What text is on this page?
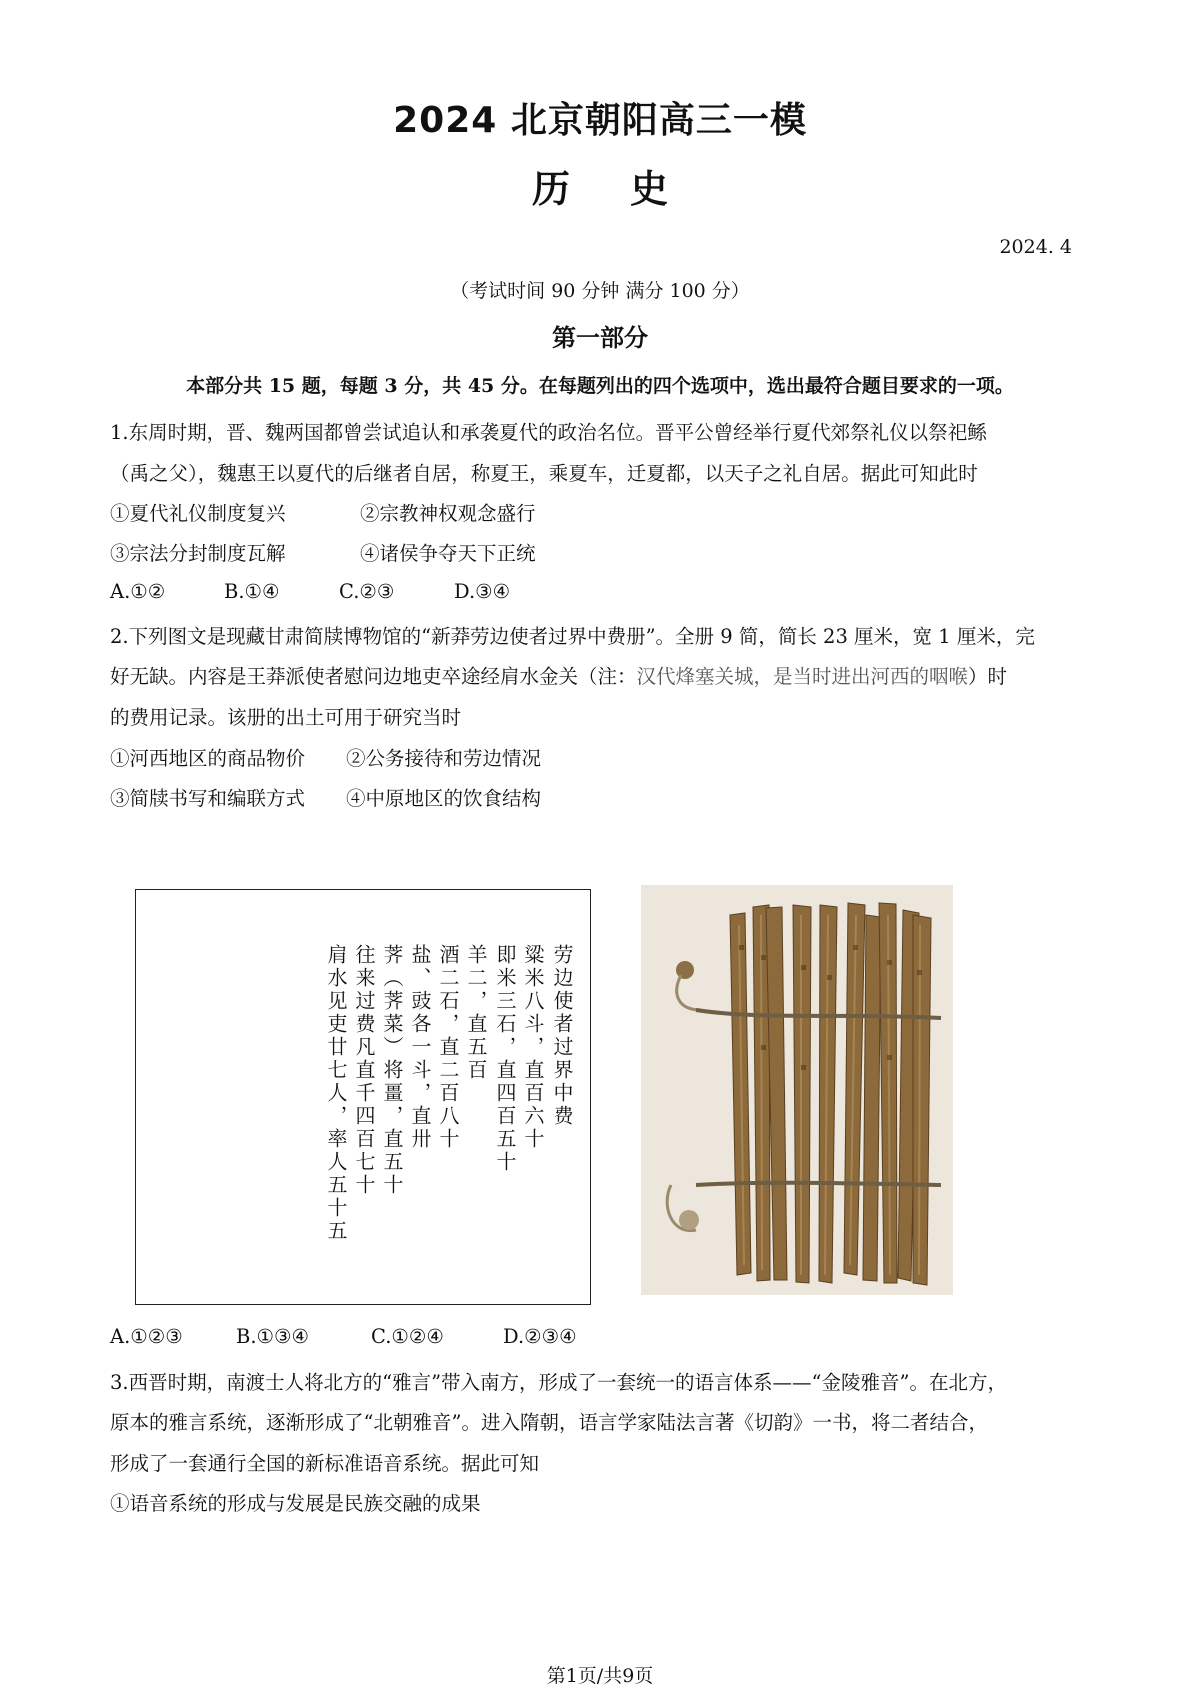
2024 北京朝阳高三一模
历史
2024. 4
（考试时间 90 分钟 满分 100 分）
第一部分
本部分共 15 题，每题 3 分，共 45 分。在每题列出的四个选项中，选出最符合题目要求的一项。
1.东周时期，晋、魏两国都曾尝试追认和承袭夏代的政治名位。晋平公曾经举行夏代郊祭礼仪以祭祀鲧
（禹之父），魏惠王以夏代的后继者自居，称夏王，乘夏车，迁夏都，以天子之礼自居。据此可知此时
①夏代礼仪制度复兴	②宗教神权观念盛行
③宗法分封制度瓦解	④诸侯争夺天下正统
A.①②	B.①④	C.②③	D.③④
2.下列图文是现藏甘肃简牍博物馆的“新莽劳边使者过界中费册”。全册 9 简，简长 23 厘米，宽 1 厘米，完
好无缺。内容是王莽派使者慰问边地吏卒途经肩水金关（注：汉代烽塞关城，是当时进出河西的咽喉）时
的费用记录。该册的出土可用于研究当时
①河西地区的商品物价 ②公务接待和劳边情况
③简牍书写和编联方式 ④中原地区的饮食结构
劳边使者过界中费
粱米八斗，直百六十
即米三石，直四百五十
羊二，直五百
酒二石，直二百八十
盐、豉各一斗，直卅
荠（荠菜）将畺，直五十
往来过费凡直千四百七十
肩水见吏廿七人，率人五十五
A.①②③	B.①③④	C.①②④	D.②③④
3.西晋时期，南渡士人将北方的“雅言”带入南方，形成了一套统一的语言体系——“金陵雅音”。在北方，
原本的雅言系统，逐渐形成了“北朝雅音”。进入隋朝，语言学家陆法言著《切韵》一书，将二者结合，
形成了一套通行全国的新标准语音系统。据此可知
①语音系统的形成与发展是民族交融的成果
第1页/共9页
